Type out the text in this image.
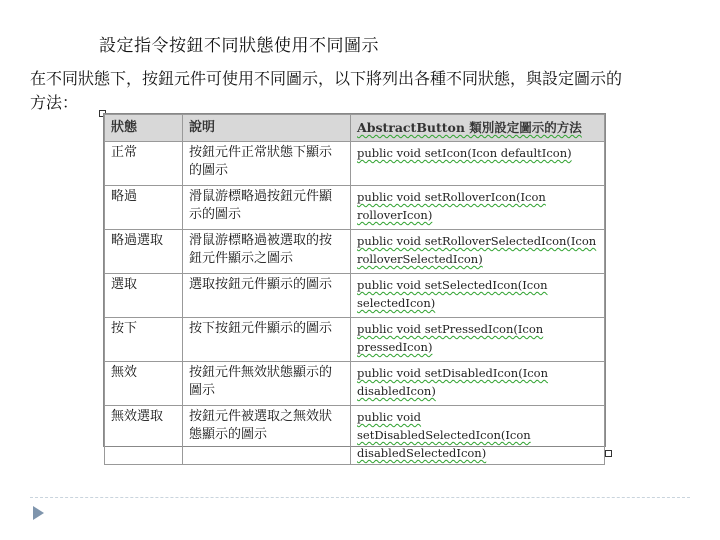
設定指令按鈕不同狀態使用不同圖示
在不同狀態下，按鈕元件可使用不同圖示，以下將列出各種不同狀態，與設定圖示的方法：
狀態	說明	AbstractButton 類別設定圖示的方法
正常	按鈕元件正常狀態下顯示的圖示	public void setIcon(Icon defaultIcon)
略過	滑鼠游標略過按鈕元件顯示的圖示	public void setRolloverIcon(Icon rolloverIcon)
略過選取	滑鼠游標略過被選取的按鈕元件顯示之圖示	public void setRolloverSelectedIcon(Icon rolloverSelectedIcon)
選取	選取按鈕元件顯示的圖示	public void setSelectedIcon(Icon selectedIcon)
按下	按下按鈕元件顯示的圖示	public void setPressedIcon(Icon pressedIcon)
無效	按鈕元件無效狀態顯示的圖示	public void setDisabledIcon(Icon disabledIcon)
無效選取	按鈕元件被選取之無效狀態顯示的圖示	public void setDisabledSelectedIcon(Icon disabledSelectedIcon)
